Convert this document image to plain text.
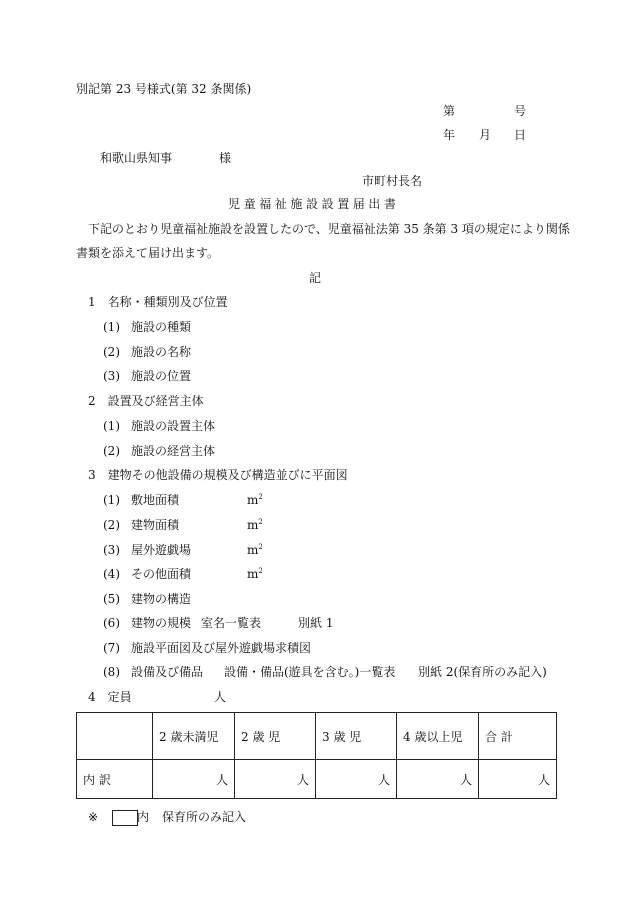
別記第 23 号様式(第 32 条関係)
第	号
年 月 日
和歌山県知事	様
市町村長名
児童福祉施設設置届出書
下記のとおり児童福祉施設を設置したので、児童福祉法第 35 条第 3 項の規定により関係
書類を添えて届け出ます。
記
1　名称・種類別及び位置
(1) 施設の種類
(2) 施設の名称
(3) 施設の位置
2　設置及び経営主体
(1) 施設の設置主体
(2) 施設の経営主体
3　建物その他設備の規模及び構造並びに平面図
(1) 敷地面積	$m^2$
(2) 建物面積	$m^2$
(3) 屋外遊戯場	$m^2$
(4) その他面積	$m^2$
(5) 建物の構造
(6) 建物の規模 室名一覧表	別紙 1
(7) 施設平面図及び屋外遊戯場求積図
(8) 設備及び備品 設備・備品(遊具を含む。)一覧表 別紙 2(保育所のみ記入)
4　定員	人
	2 歳未満児	2 歳 児	3 歳 児	4 歳以上児	合 計
内 訳	人	人	人	人	人
※	内 保育所のみ記入
